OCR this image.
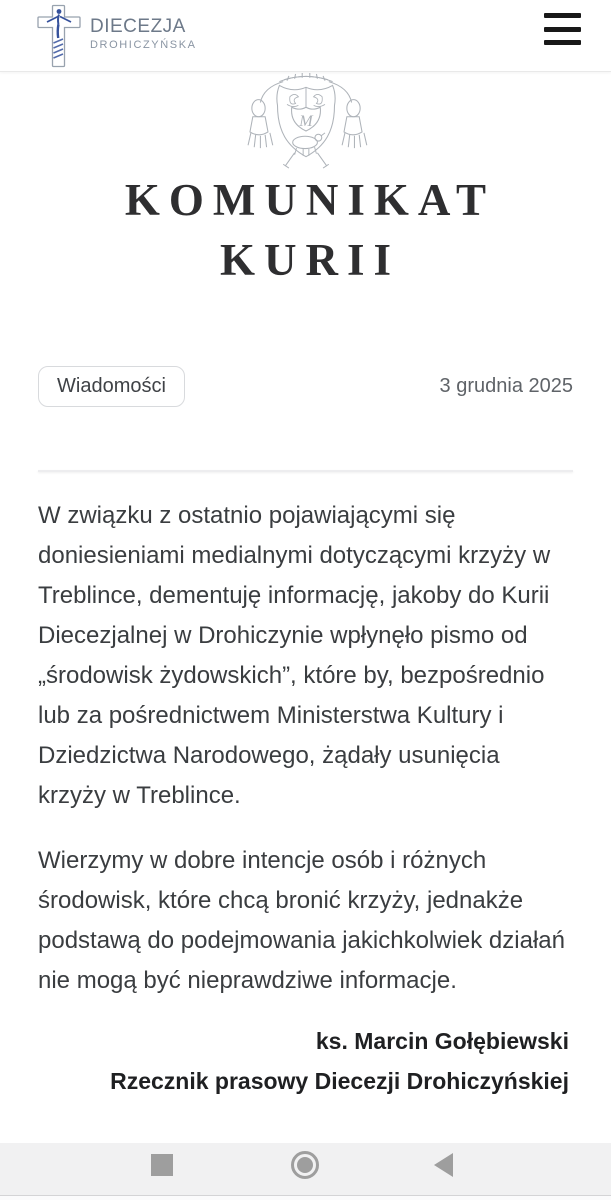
DIECEZJA
DROHICZYŃSKA
M
KOMUNIKAT
KURII
Wiadomości	3 grudnia 2025

W związku z ostatnio pojawiającymi się doniesieniami medialnymi dotyczącymi krzyży w Treblince, dementuję informację, jakoby do Kurii Diecezjalnej w Drohiczynie wpłynęło pismo od „środowisk żydowskich”, które by, bezpośrednio lub za pośrednictwem Ministerstwa Kultury i Dziedzictwa Narodowego, żądały usunięcia krzyży w Treblince.

Wierzymy w dobre intencje osób i różnych środowisk, które chcą bronić krzyży, jednakże podstawą do podejmowania jakichkolwiek działań nie mogą być nieprawdziwe informacje.

ks. Marcin Gołębiewski
Rzecznik prasowy Diecezji Drohiczyńskiej
